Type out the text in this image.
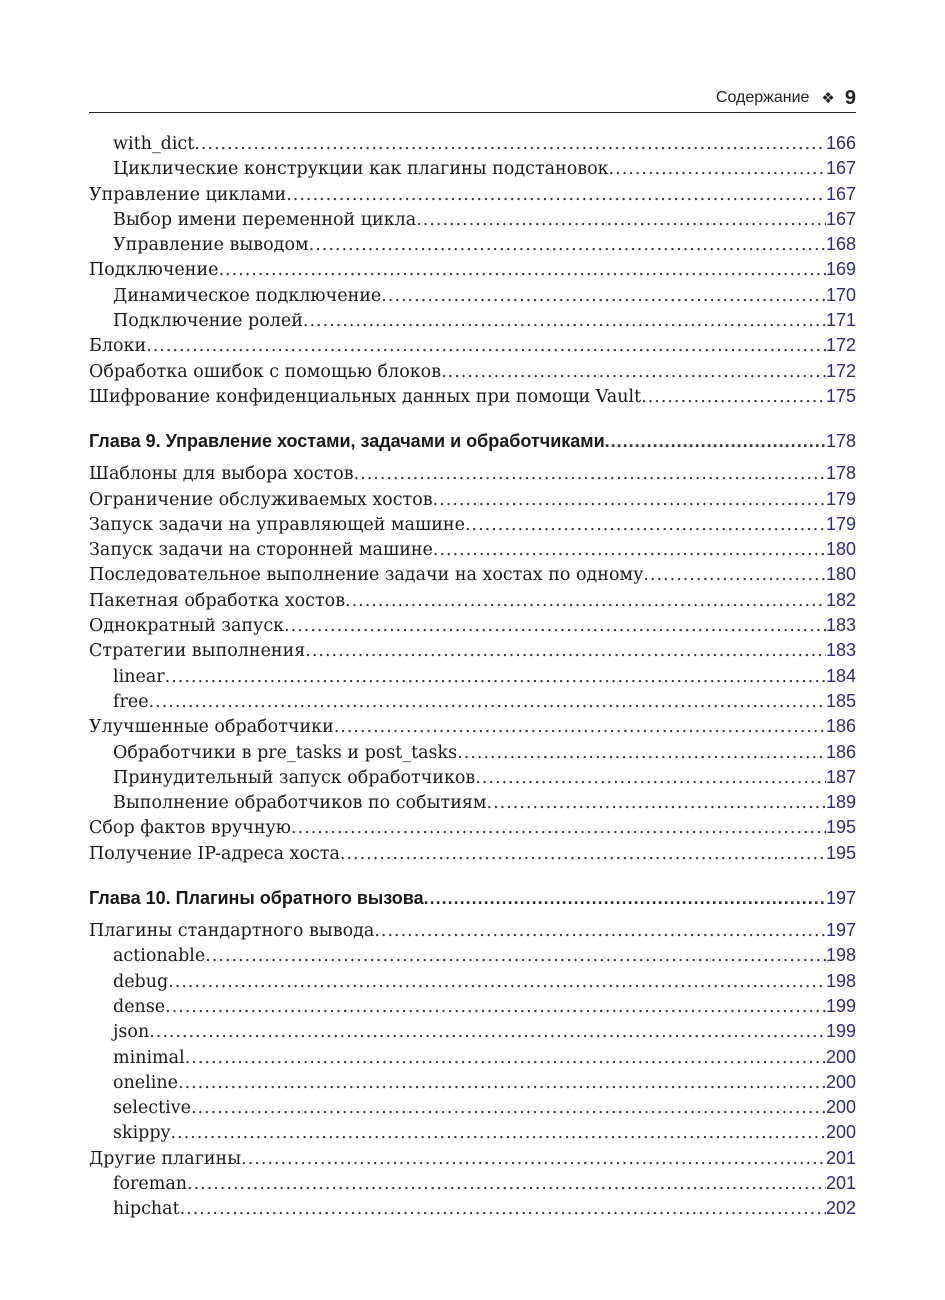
Содержание ❖ 9
with_dict .....	166
Циклические конструкции как плагины подстановок .....	167
Управление циклами .....	167
Выбор имени переменной цикла .....	167
Управление выводом .....	168
Подключение .....	169
Динамическое подключение .....	170
Подключение ролей .....	171
Блоки .....	172
Обработка ошибок с помощью блоков .....	172
Шифрование конфиденциальных данных при помощи Vault .....	175
Глава 9. Управление хостами, задачами и обработчиками .....	178
Шаблоны для выбора хостов .....	178
Ограничение обслуживаемых хостов .....	179
Запуск задачи на управляющей машине .....	179
Запуск задачи на сторонней машине .....	180
Последовательное выполнение задачи на хостах по одному .....	180
Пакетная обработка хостов .....	182
Однократный запуск .....	183
Стратегии выполнения .....	183
linear .....	184
free .....	185
Улучшенные обработчики .....	186
Обработчики в pre_tasks и post_tasks .....	186
Принудительный запуск обработчиков .....	187
Выполнение обработчиков по событиям .....	189
Сбор фактов вручную .....	195
Получение IP-адреса хоста .....	195
Глава 10. Плагины обратного вызова .....	197
Плагины стандартного вывода .....	197
actionable .....	198
debug .....	198
dense .....	199
json .....	199
minimal .....	200
oneline .....	200
selective .....	200
skippy .....	200
Другие плагины .....	201
foreman .....	201
hipchat .....	202
